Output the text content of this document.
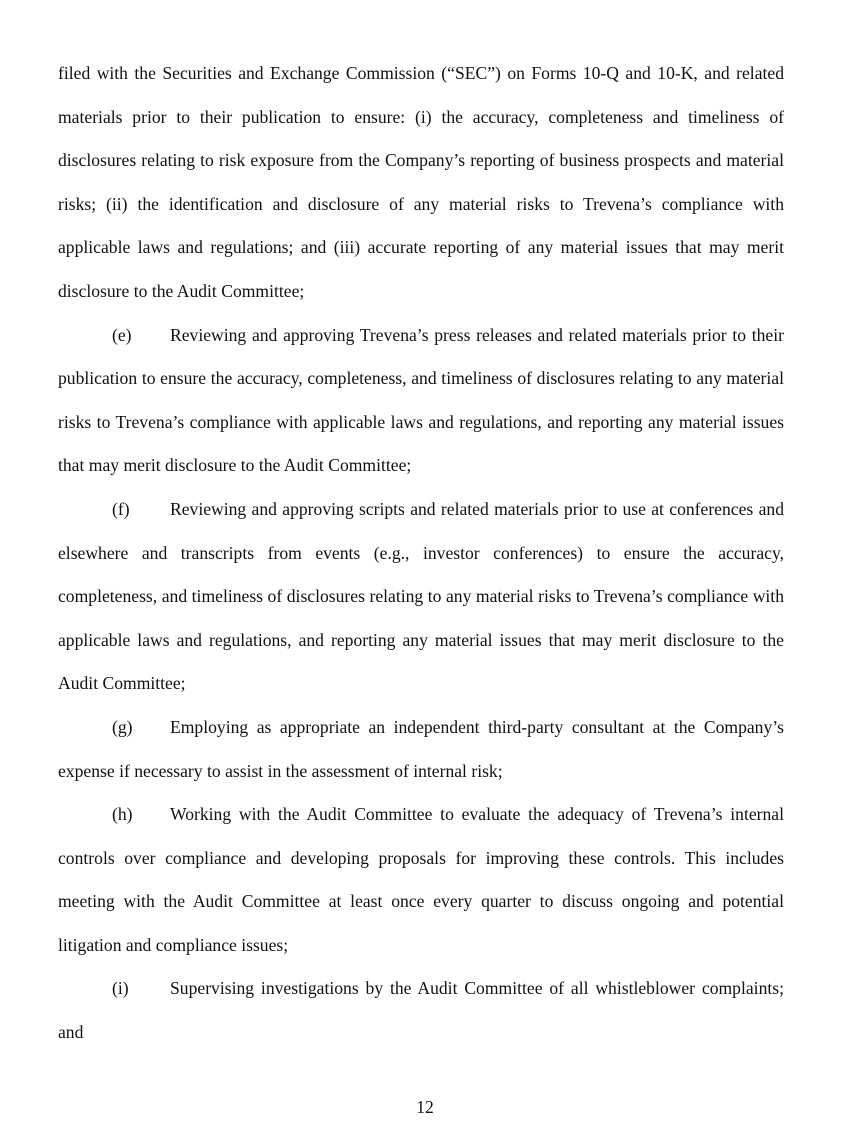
filed with the Securities and Exchange Commission (“SEC”) on Forms 10-Q and 10-K, and related materials prior to their publication to ensure: (i) the accuracy, completeness and timeliness of disclosures relating to risk exposure from the Company’s reporting of business prospects and material risks; (ii) the identification and disclosure of any material risks to Trevena’s compliance with applicable laws and regulations; and (iii) accurate reporting of any material issues that may merit disclosure to the Audit Committee;

(e) Reviewing and approving Trevena’s press releases and related materials prior to their publication to ensure the accuracy, completeness, and timeliness of disclosures relating to any material risks to Trevena’s compliance with applicable laws and regulations, and reporting any material issues that may merit disclosure to the Audit Committee;

(f) Reviewing and approving scripts and related materials prior to use at conferences and elsewhere and transcripts from events (e.g., investor conferences) to ensure the accuracy, completeness, and timeliness of disclosures relating to any material risks to Trevena’s compliance with applicable laws and regulations, and reporting any material issues that may merit disclosure to the Audit Committee;

(g) Employing as appropriate an independent third-party consultant at the Company’s expense if necessary to assist in the assessment of internal risk;

(h) Working with the Audit Committee to evaluate the adequacy of Trevena’s internal controls over compliance and developing proposals for improving these controls. This includes meeting with the Audit Committee at least once every quarter to discuss ongoing and potential litigation and compliance issues;

(i) Supervising investigations by the Audit Committee of all whistleblower complaints; and

12
